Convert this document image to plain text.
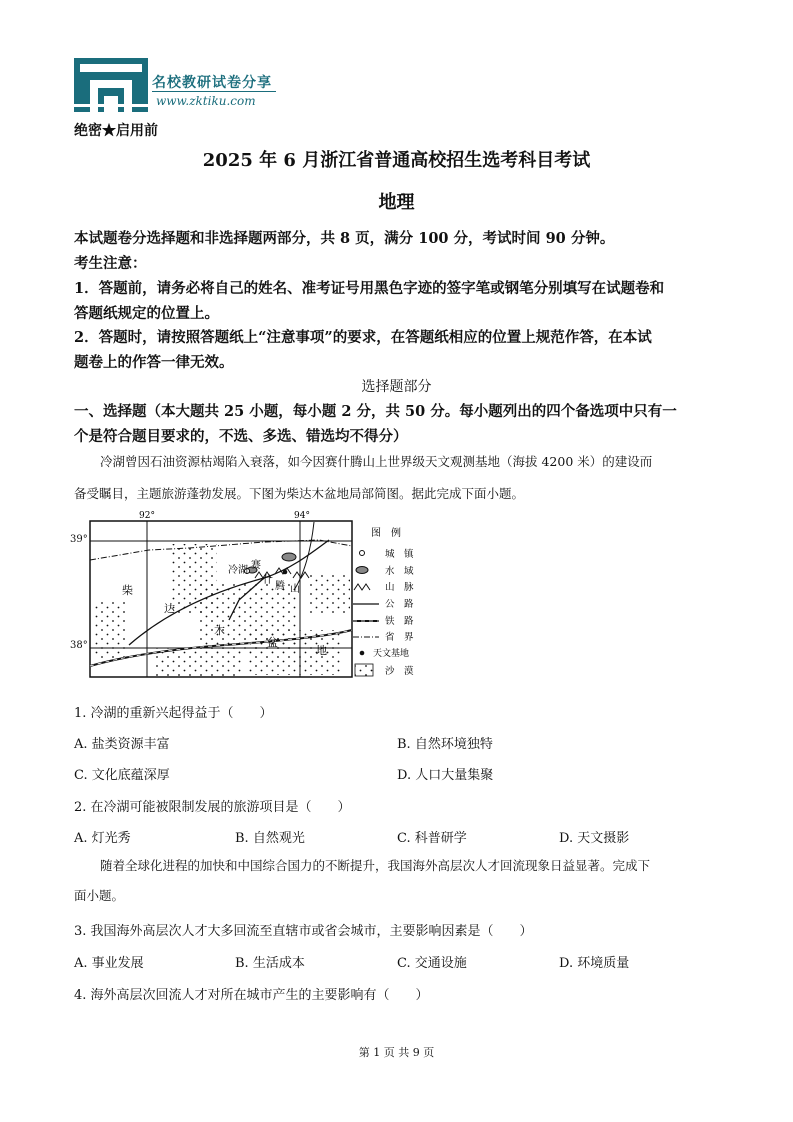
名校教研试卷分享
www.zktiku.com
绝密★启用前
2025 年 6 月浙江省普通高校招生选考科目考试
地理
本试题卷分选择题和非选择题两部分，共 8 页，满分 100 分，考试时间 90 分钟。
考生注意：
1．答题前，请务必将自己的姓名、准考证号用黑色字迹的签字笔或钢笔分别填写在试题卷和
答题纸规定的位置上。
2．答题时，请按照答题纸上“注意事项”的要求，在答题纸相应的位置上规范作答，在本试
题卷上的作答一律无效。
选择题部分
一、选择题（本大题共 25 小题，每小题 2 分，共 50 分。每小题列出的四个备选项中只有一
个是符合题目要求的，不选、多选、错选均不得分）
冷湖曾因石油资源枯竭陷入衰落，如今因赛什腾山上世界级天文观测基地（海拔 4200 米）的建设而
备受瞩目，主题旅游蓬勃发展。下图为柴达木盆地局部简图。据此完成下面小题。
92°	94°
冷湖
柴
达
木
盆
地
赛
什
腾 山
图　例
城　镇
水　域
山　脉
公　路
铁　路
省　界
天文基地
沙　漠
39°
38°
1. 冷湖的重新兴起得益于（　　）
A. 盐类资源丰富	B. 自然环境独特
C. 文化底蕴深厚	D. 人口大量集聚
2. 在冷湖可能被限制发展的旅游项目是（　　）
A. 灯光秀	B. 自然观光	C. 科普研学	D. 天文摄影
随着全球化进程的加快和中国综合国力的不断提升，我国海外高层次人才回流现象日益显著。完成下
面小题。
3. 我国海外高层次人才大多回流至直辖市或省会城市，主要影响因素是（　　）
A. 事业发展	B. 生活成本	C. 交通设施	D. 环境质量
4. 海外高层次回流人才对所在城市产生的主要影响有（　　）
第 1 页 共 9 页
